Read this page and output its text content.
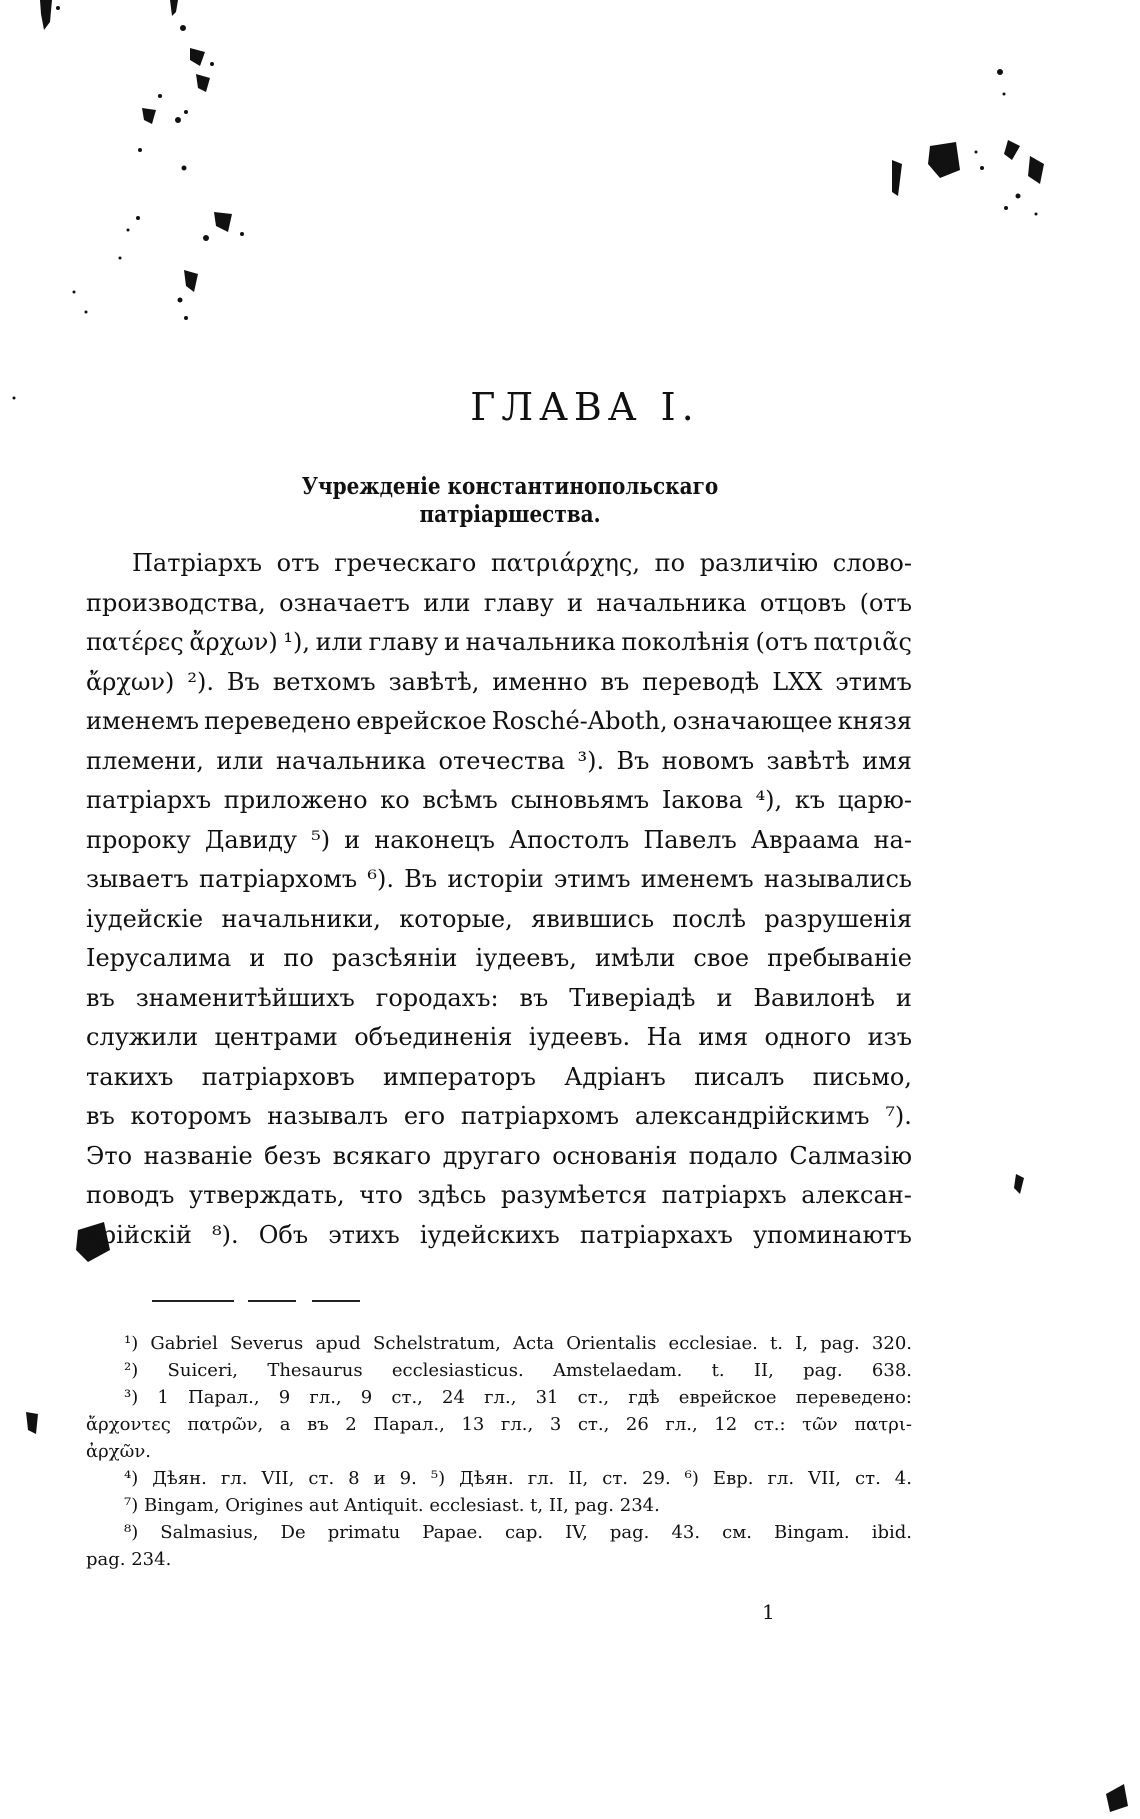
ГЛАВА I.
Учрежденіе константинопольскаго патріаршества.
Патріархъ отъ греческаго πατριάρχης, по различію слово-
производства, означаетъ или главу и начальника отцовъ (отъ
πατέρες ἄρχων) ¹), или главу и начальника поколѣнія (отъ πατριᾶς
ἄρχων) ²). Въ ветхомъ завѣтѣ, именно въ переводѣ LXX этимъ
именемъ переведено еврейское Rosché-Aboth, означающее князя
племени, или начальника отечества ³). Въ новомъ завѣтѣ имя
патріархъ приложено ко всѣмъ сыновьямъ Іакова ⁴), къ царю-
пророку Давиду ⁵) и наконецъ Апостолъ Павелъ Авраама на-
зываетъ патріархомъ ⁶). Въ исторіи этимъ именемъ назывались
іудейскіе начальники, которые, явившись послѣ разрушенія
Іерусалима и по разсѣяніи іудеевъ, имѣли свое пребываніе
въ знаменитѣйшихъ городахъ: въ Тиверіадѣ и Вавилонѣ и
служили центрами объединенія іудеевъ. На имя одного изъ
такихъ патріарховъ императоръ Адріанъ писалъ письмо,
въ которомъ называлъ его патріархомъ александрійскимъ ⁷).
Это названіе безъ всякаго другаго основанія подало Салмазію
поводъ утверждать, что здѣсь разумѣется патріархъ алексан-
дрійскій ⁸). Объ этихъ іудейскихъ патріархахъ упоминаютъ

¹) Gabriel Severus apud Schelstratum, Acta Orientalis ecclesiae. t. I, pag. 320.

²) Suiceri, Thesaurus ecclesiasticus. Amstelaedam. t. II, pag. 638.

³) 1 Парал., 9 гл., 9 ст., 24 гл., 31 ст., гдѣ еврейское переведено:

ἄρχοντες πατρῶν, а въ 2 Парал., 13 гл., 3 ст., 26 гл., 12 ст.: τῶν πατρι-

ἀρχῶν.

⁴) Дѣян. гл. VII, ст. 8 и 9. ⁵) Дѣян. гл. II, ст. 29. ⁶) Евр. гл. VII, ст. 4.

⁷) Bingam, Origines aut Antiquit. ecclesiast. t, II, pag. 234.

⁸) Salmasius, De primatu Papae. cap. IV, pag. 43. см. Bingam. ibid.

pag. 234.

1
